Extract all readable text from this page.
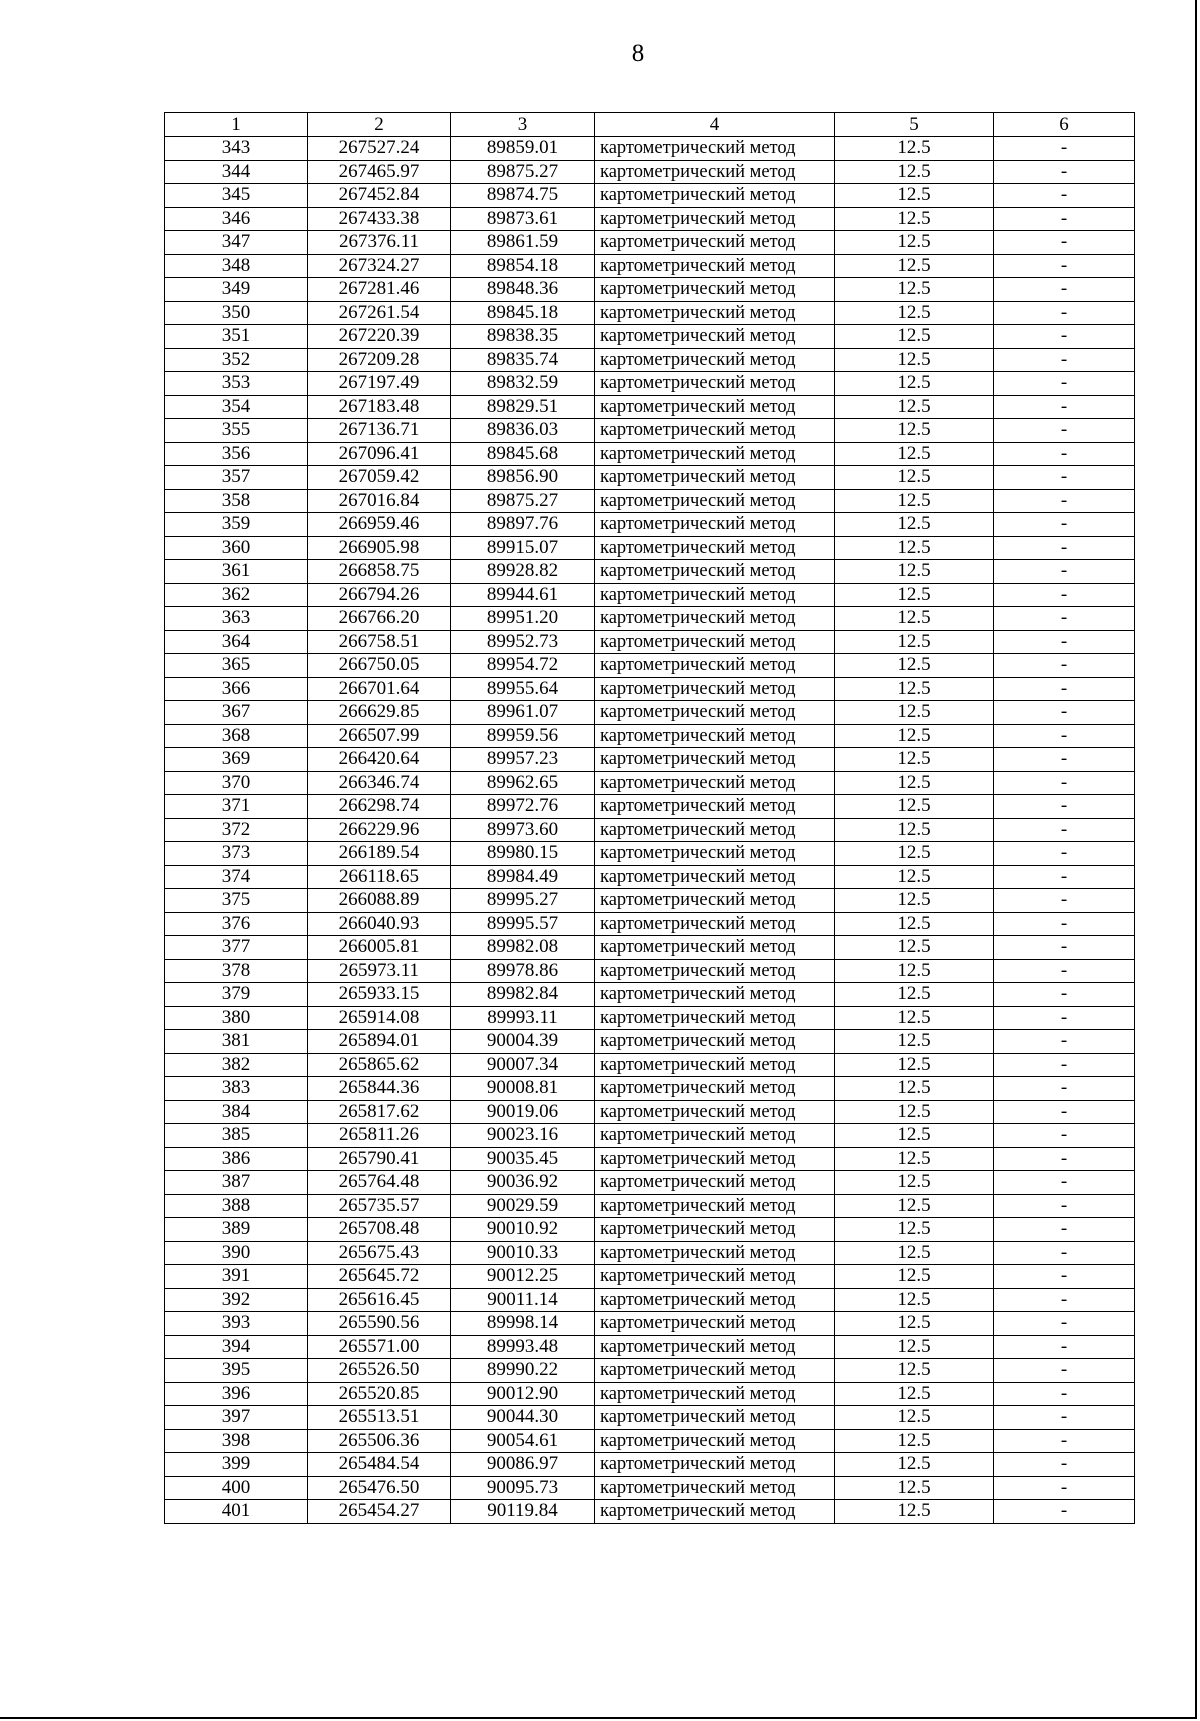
8
1	2	3	4	5	6
343	267527.24	89859.01	картометрический метод	12.5	-
344	267465.97	89875.27	картометрический метод	12.5	-
345	267452.84	89874.75	картометрический метод	12.5	-
346	267433.38	89873.61	картометрический метод	12.5	-
347	267376.11	89861.59	картометрический метод	12.5	-
348	267324.27	89854.18	картометрический метод	12.5	-
349	267281.46	89848.36	картометрический метод	12.5	-
350	267261.54	89845.18	картометрический метод	12.5	-
351	267220.39	89838.35	картометрический метод	12.5	-
352	267209.28	89835.74	картометрический метод	12.5	-
353	267197.49	89832.59	картометрический метод	12.5	-
354	267183.48	89829.51	картометрический метод	12.5	-
355	267136.71	89836.03	картометрический метод	12.5	-
356	267096.41	89845.68	картометрический метод	12.5	-
357	267059.42	89856.90	картометрический метод	12.5	-
358	267016.84	89875.27	картометрический метод	12.5	-
359	266959.46	89897.76	картометрический метод	12.5	-
360	266905.98	89915.07	картометрический метод	12.5	-
361	266858.75	89928.82	картометрический метод	12.5	-
362	266794.26	89944.61	картометрический метод	12.5	-
363	266766.20	89951.20	картометрический метод	12.5	-
364	266758.51	89952.73	картометрический метод	12.5	-
365	266750.05	89954.72	картометрический метод	12.5	-
366	266701.64	89955.64	картометрический метод	12.5	-
367	266629.85	89961.07	картометрический метод	12.5	-
368	266507.99	89959.56	картометрический метод	12.5	-
369	266420.64	89957.23	картометрический метод	12.5	-
370	266346.74	89962.65	картометрический метод	12.5	-
371	266298.74	89972.76	картометрический метод	12.5	-
372	266229.96	89973.60	картометрический метод	12.5	-
373	266189.54	89980.15	картометрический метод	12.5	-
374	266118.65	89984.49	картометрический метод	12.5	-
375	266088.89	89995.27	картометрический метод	12.5	-
376	266040.93	89995.57	картометрический метод	12.5	-
377	266005.81	89982.08	картометрический метод	12.5	-
378	265973.11	89978.86	картометрический метод	12.5	-
379	265933.15	89982.84	картометрический метод	12.5	-
380	265914.08	89993.11	картометрический метод	12.5	-
381	265894.01	90004.39	картометрический метод	12.5	-
382	265865.62	90007.34	картометрический метод	12.5	-
383	265844.36	90008.81	картометрический метод	12.5	-
384	265817.62	90019.06	картометрический метод	12.5	-
385	265811.26	90023.16	картометрический метод	12.5	-
386	265790.41	90035.45	картометрический метод	12.5	-
387	265764.48	90036.92	картометрический метод	12.5	-
388	265735.57	90029.59	картометрический метод	12.5	-
389	265708.48	90010.92	картометрический метод	12.5	-
390	265675.43	90010.33	картометрический метод	12.5	-
391	265645.72	90012.25	картометрический метод	12.5	-
392	265616.45	90011.14	картометрический метод	12.5	-
393	265590.56	89998.14	картометрический метод	12.5	-
394	265571.00	89993.48	картометрический метод	12.5	-
395	265526.50	89990.22	картометрический метод	12.5	-
396	265520.85	90012.90	картометрический метод	12.5	-
397	265513.51	90044.30	картометрический метод	12.5	-
398	265506.36	90054.61	картометрический метод	12.5	-
399	265484.54	90086.97	картометрический метод	12.5	-
400	265476.50	90095.73	картометрический метод	12.5	-
401	265454.27	90119.84	картометрический метод	12.5	-
